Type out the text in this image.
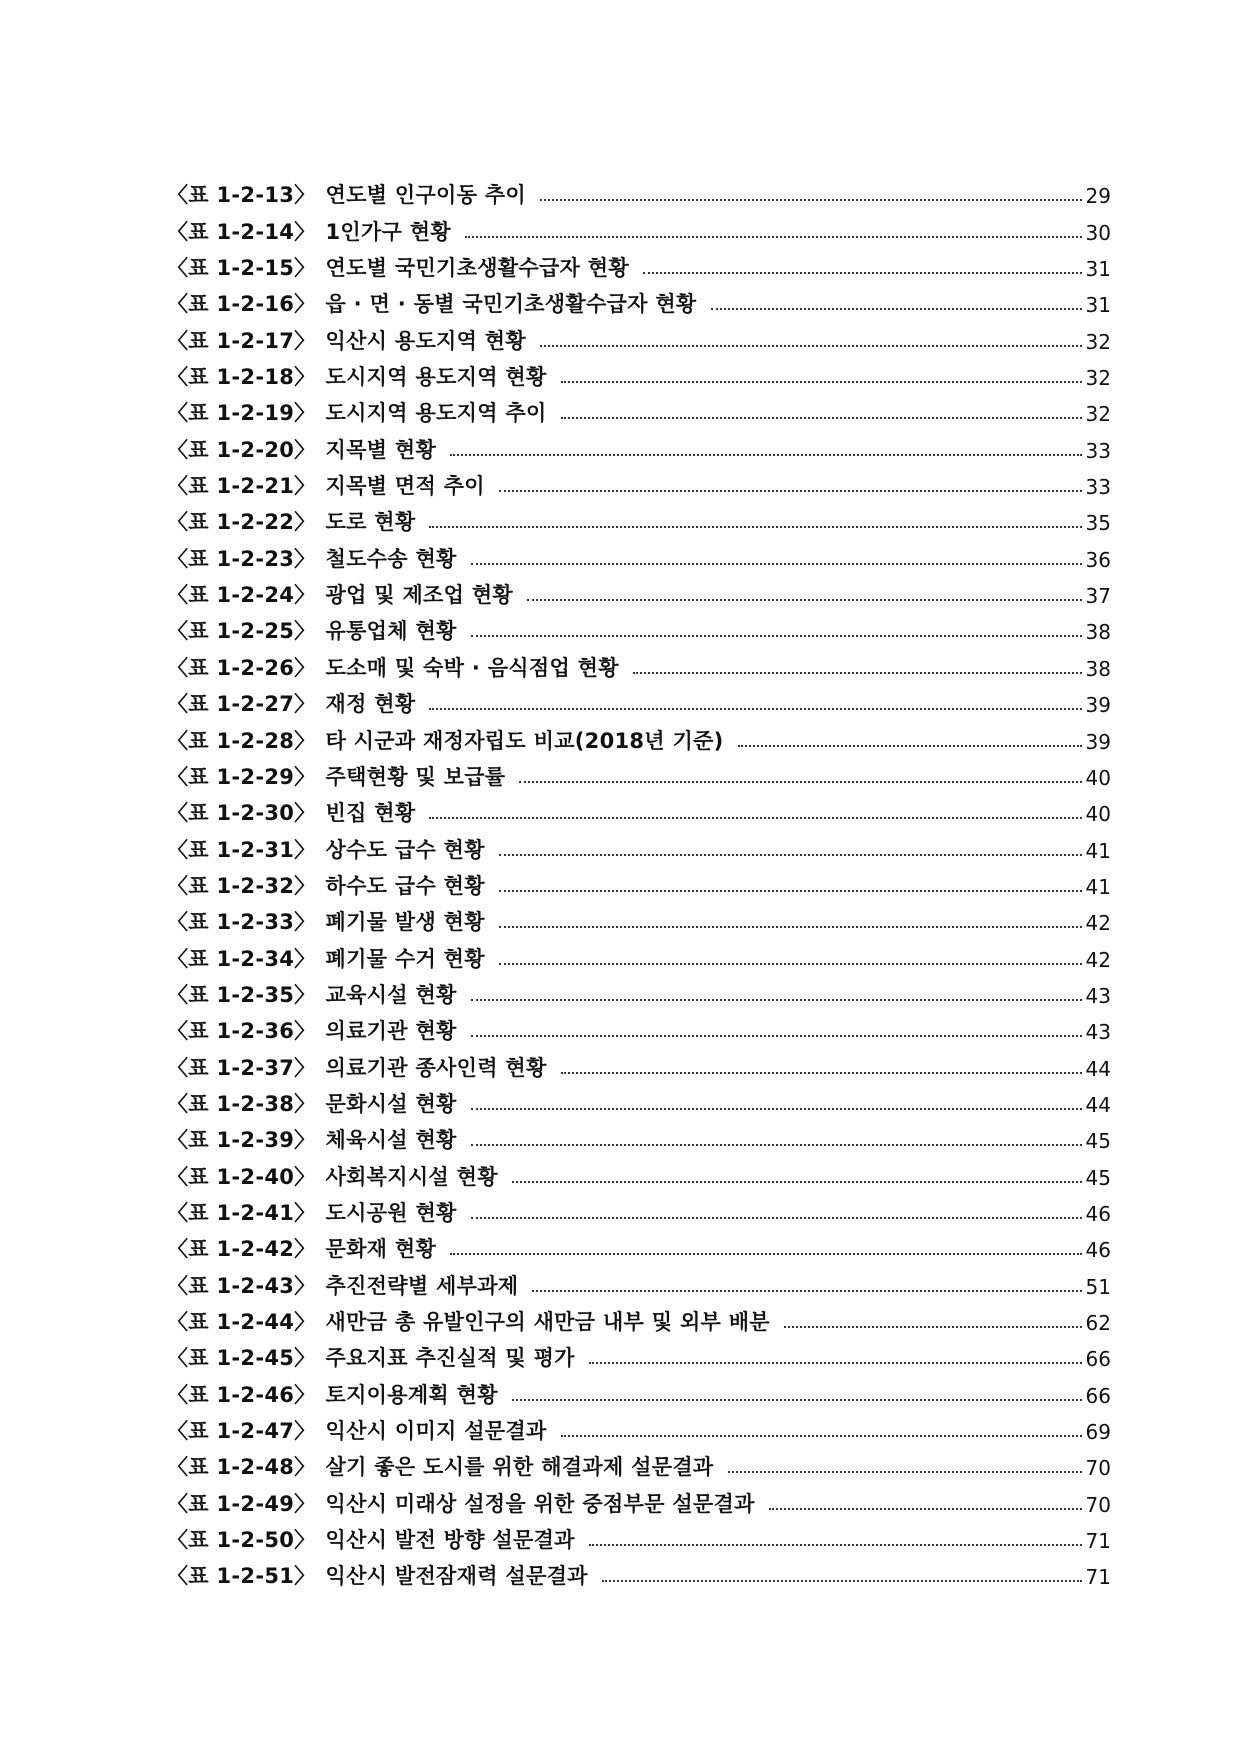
〈표 1-2-13〉 연도별 인구이동 추이	29
〈표 1-2-14〉 1인가구 현황	30
〈표 1-2-15〉 연도별 국민기초생활수급자 현황	31
〈표 1-2-16〉 읍 · 면 · 동별 국민기초생활수급자 현황	31
〈표 1-2-17〉 익산시 용도지역 현황	32
〈표 1-2-18〉 도시지역 용도지역 현황	32
〈표 1-2-19〉 도시지역 용도지역 추이	32
〈표 1-2-20〉 지목별 현황	33
〈표 1-2-21〉 지목별 면적 추이	33
〈표 1-2-22〉 도로 현황	35
〈표 1-2-23〉 철도수송 현황	36
〈표 1-2-24〉 광업 및 제조업 현황	37
〈표 1-2-25〉 유통업체 현황	38
〈표 1-2-26〉 도소매 및 숙박 · 음식점업 현황	38
〈표 1-2-27〉 재정 현황	39
〈표 1-2-28〉 타 시군과 재정자립도 비교(2018년 기준)	39
〈표 1-2-29〉 주택현황 및 보급률	40
〈표 1-2-30〉 빈집 현황	40
〈표 1-2-31〉 상수도 급수 현황	41
〈표 1-2-32〉 하수도 급수 현황	41
〈표 1-2-33〉 폐기물 발생 현황	42
〈표 1-2-34〉 폐기물 수거 현황	42
〈표 1-2-35〉 교육시설 현황	43
〈표 1-2-36〉 의료기관 현황	43
〈표 1-2-37〉 의료기관 종사인력 현황	44
〈표 1-2-38〉 문화시설 현황	44
〈표 1-2-39〉 체육시설 현황	45
〈표 1-2-40〉 사회복지시설 현황	45
〈표 1-2-41〉 도시공원 현황	46
〈표 1-2-42〉 문화재 현황	46
〈표 1-2-43〉 추진전략별 세부과제	51
〈표 1-2-44〉 새만금 총 유발인구의 새만금 내부 및 외부 배분	62
〈표 1-2-45〉 주요지표 추진실적 및 평가	66
〈표 1-2-46〉 토지이용계획 현황	66
〈표 1-2-47〉 익산시 이미지 설문결과	69
〈표 1-2-48〉 살기 좋은 도시를 위한 해결과제 설문결과	70
〈표 1-2-49〉 익산시 미래상 설정을 위한 중점부문 설문결과	70
〈표 1-2-50〉 익산시 발전 방향 설문결과	71
〈표 1-2-51〉 익산시 발전잠재력 설문결과	71
